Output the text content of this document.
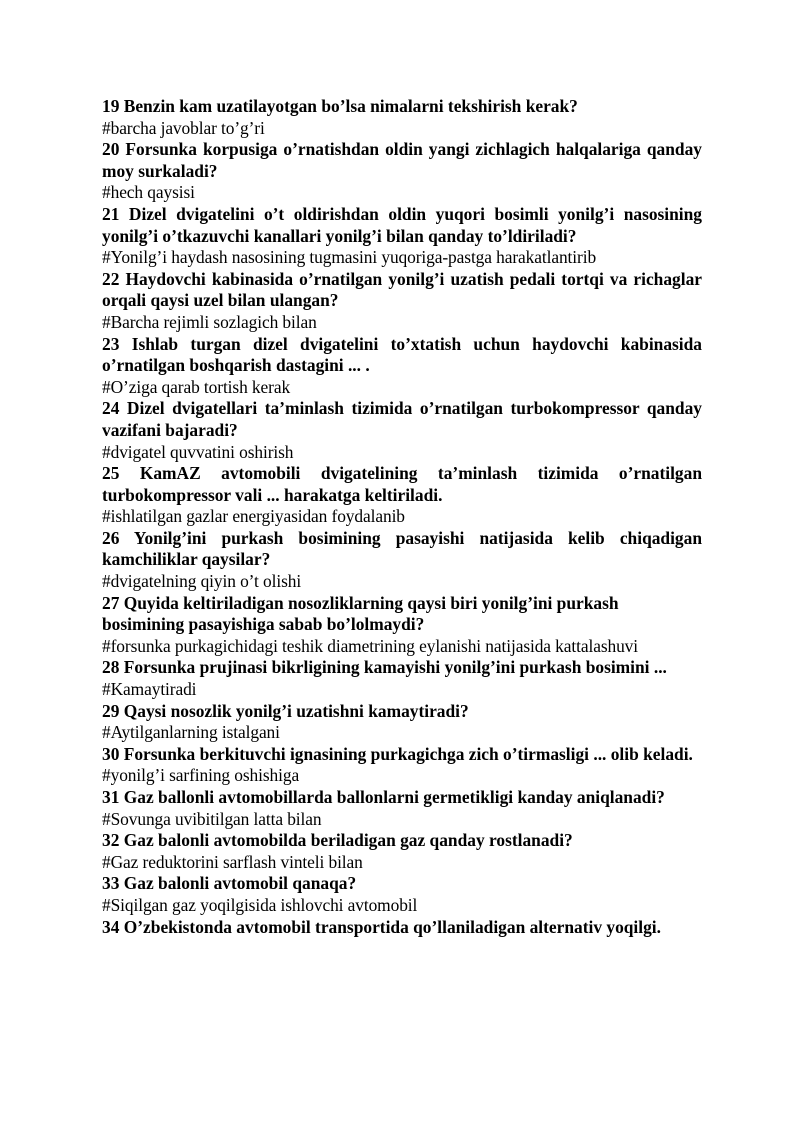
19 Benzin kam uzatilayotgan bo’lsa nimalarni tekshirish kerak?

#barcha javoblar to’g’ri

20 Forsunka korpusiga o’rnatishdan oldin yangi zichlagich halqalariga qanday moy surkaladi?

#hech qaysisi

21 Dizel dvigatelini o’t oldirishdan oldin yuqori bosimli yonilg’i nasosining yonilg’i o’tkazuvchi kanallari yonilg’i bilan qanday to’ldiriladi?

#Yonilg’i haydash nasosining tugmasini yuqoriga-pastga harakatlantirib

22 Haydovchi kabinasida o’rnatilgan yonilg’i uzatish pedali tortqi va richaglar orqali qaysi uzel bilan ulangan?

#Barcha rejimli sozlagich bilan

23 Ishlab turgan dizel dvigatelini to’xtatish uchun haydovchi kabinasida o’rnatilgan boshqarish dastagini ... .

#O’ziga qarab tortish kerak

24 Dizel dvigatellari ta’minlash tizimida o’rnatilgan turbokompressor qanday vazifani bajaradi?

#dvigatel quvvatini oshirish

25 KamAZ avtomobili dvigatelining ta’minlash tizimida o’rnatilgan turbokompressor vali ... harakatga keltiriladi.

#ishlatilgan gazlar energiyasidan foydalanib

26 Yonilg’ini purkash bosimining pasayishi natijasida kelib chiqadigan kamchiliklar qaysilar?

#dvigatelning qiyin o’t olishi

27 Quyida keltiriladigan nosozliklarning qaysi biri yonilg’ini purkash bosimining pasayishiga sabab bo’lolmaydi?

#forsunka purkagichidagi teshik diametrining eylanishi natijasida kattalashuvi

28 Forsunka prujinasi bikrligining kamayishi yonilg’ini purkash bosimini ...

#Kamaytiradi

29 Qaysi nosozlik yonilg’i uzatishni kamaytiradi?

#Aytilganlarning istalgani

30 Forsunka berkituvchi ignasining purkagichga zich o’tirmasligi ... olib keladi.

#yonilg’i sarfining oshishiga

31 Gaz ballonli avtomobillarda ballonlarni germetikligi kanday aniqlanadi?

#Sovunga uvibitilgan latta bilan

32 Gaz balonli avtomobilda beriladigan gaz qanday rostlanadi?

#Gaz reduktorini sarflash vinteli bilan

33 Gaz balonli avtomobil qanaqa?

#Siqilgan gaz yoqilgisida ishlovchi avtomobil

34 O’zbekistonda avtomobil transportida qo’llaniladigan alternativ yoqilgi.
